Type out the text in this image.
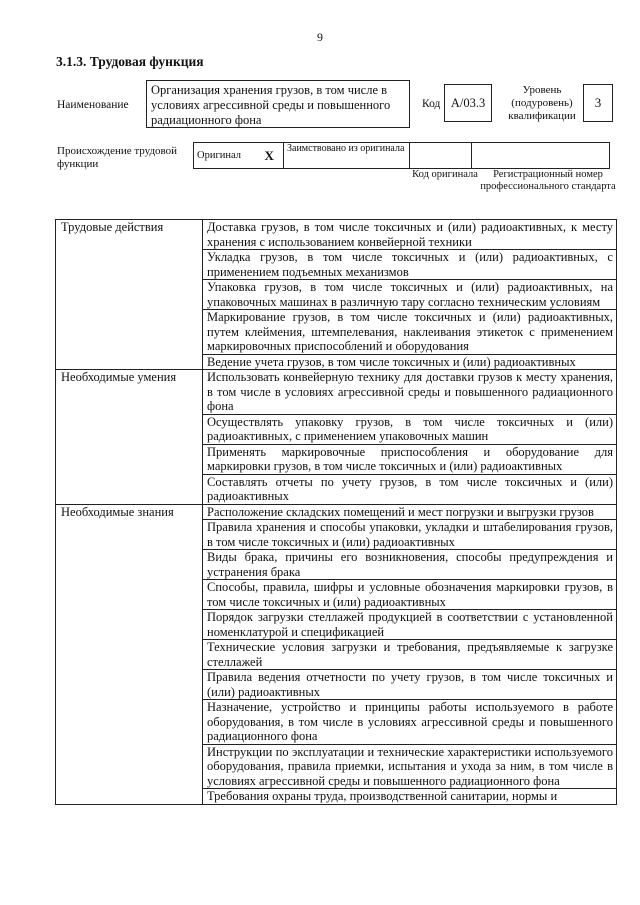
9
3.1.3. Трудовая функция
Наименование
Организация хранения грузов, в том числе в условиях агрессивной среды и повышенного радиационного фона
Код А/03.3
Уровень (подуровень) квалификации
3
Происхождение трудовой функции
Оригинал	X	Заимствовано из оригинала		
Код оригинала	Регистрационный номер профессионального стандарта
Трудовые действия	Доставка грузов, в том числе токсичных и (или) радиоактивных, к месту хранения с использованием конвейерной техники
	Укладка грузов, в том числе токсичных и (или) радиоактивных, с применением подъемных механизмов
	Упаковка грузов, в том числе токсичных и (или) радиоактивных, на упаковочных машинах в различную тару согласно техническим условиям
	Маркирование грузов, в том числе токсичных и (или) радиоактивных, путем клеймения, штемпелевания, наклеивания этикеток с применением маркировочных приспособлений и оборудования
	Ведение учета грузов, в том числе токсичных и (или) радиоактивных
Необходимые умения	Использовать конвейерную технику для доставки грузов к месту хранения, в том числе в условиях агрессивной среды и повышенного радиационного фона
	Осуществлять упаковку грузов, в том числе токсичных и (или) радиоактивных, с применением упаковочных машин
	Применять маркировочные приспособления и оборудование для маркировки грузов, в том числе токсичных и (или) радиоактивных
	Составлять отчеты по учету грузов, в том числе токсичных и (или) радиоактивных
Необходимые знания	Расположение складских помещений и мест погрузки и выгрузки грузов
	Правила хранения и способы упаковки, укладки и штабелирования грузов, в том числе токсичных и (или) радиоактивных
	Виды брака, причины его возникновения, способы предупреждения и устранения брака
	Способы, правила, шифры и условные обозначения маркировки грузов, в том числе токсичных и (или) радиоактивных
	Порядок загрузки стеллажей продукцией в соответствии с установленной номенклатурой и спецификацией
	Технические условия загрузки и требования, предъявляемые к загрузке стеллажей
	Правила ведения отчетности по учету грузов, в том числе токсичных и (или) радиоактивных
	Назначение, устройство и принципы работы используемого в работе оборудования, в том числе в условиях агрессивной среды и повышенного радиационного фона
	Инструкции по эксплуатации и технические характеристики используемого оборудования, правила приемки, испытания и ухода за ним, в том числе в условиях агрессивной среды и повышенного радиационного фона
	Требования охраны труда, производственной санитарии, нормы и
